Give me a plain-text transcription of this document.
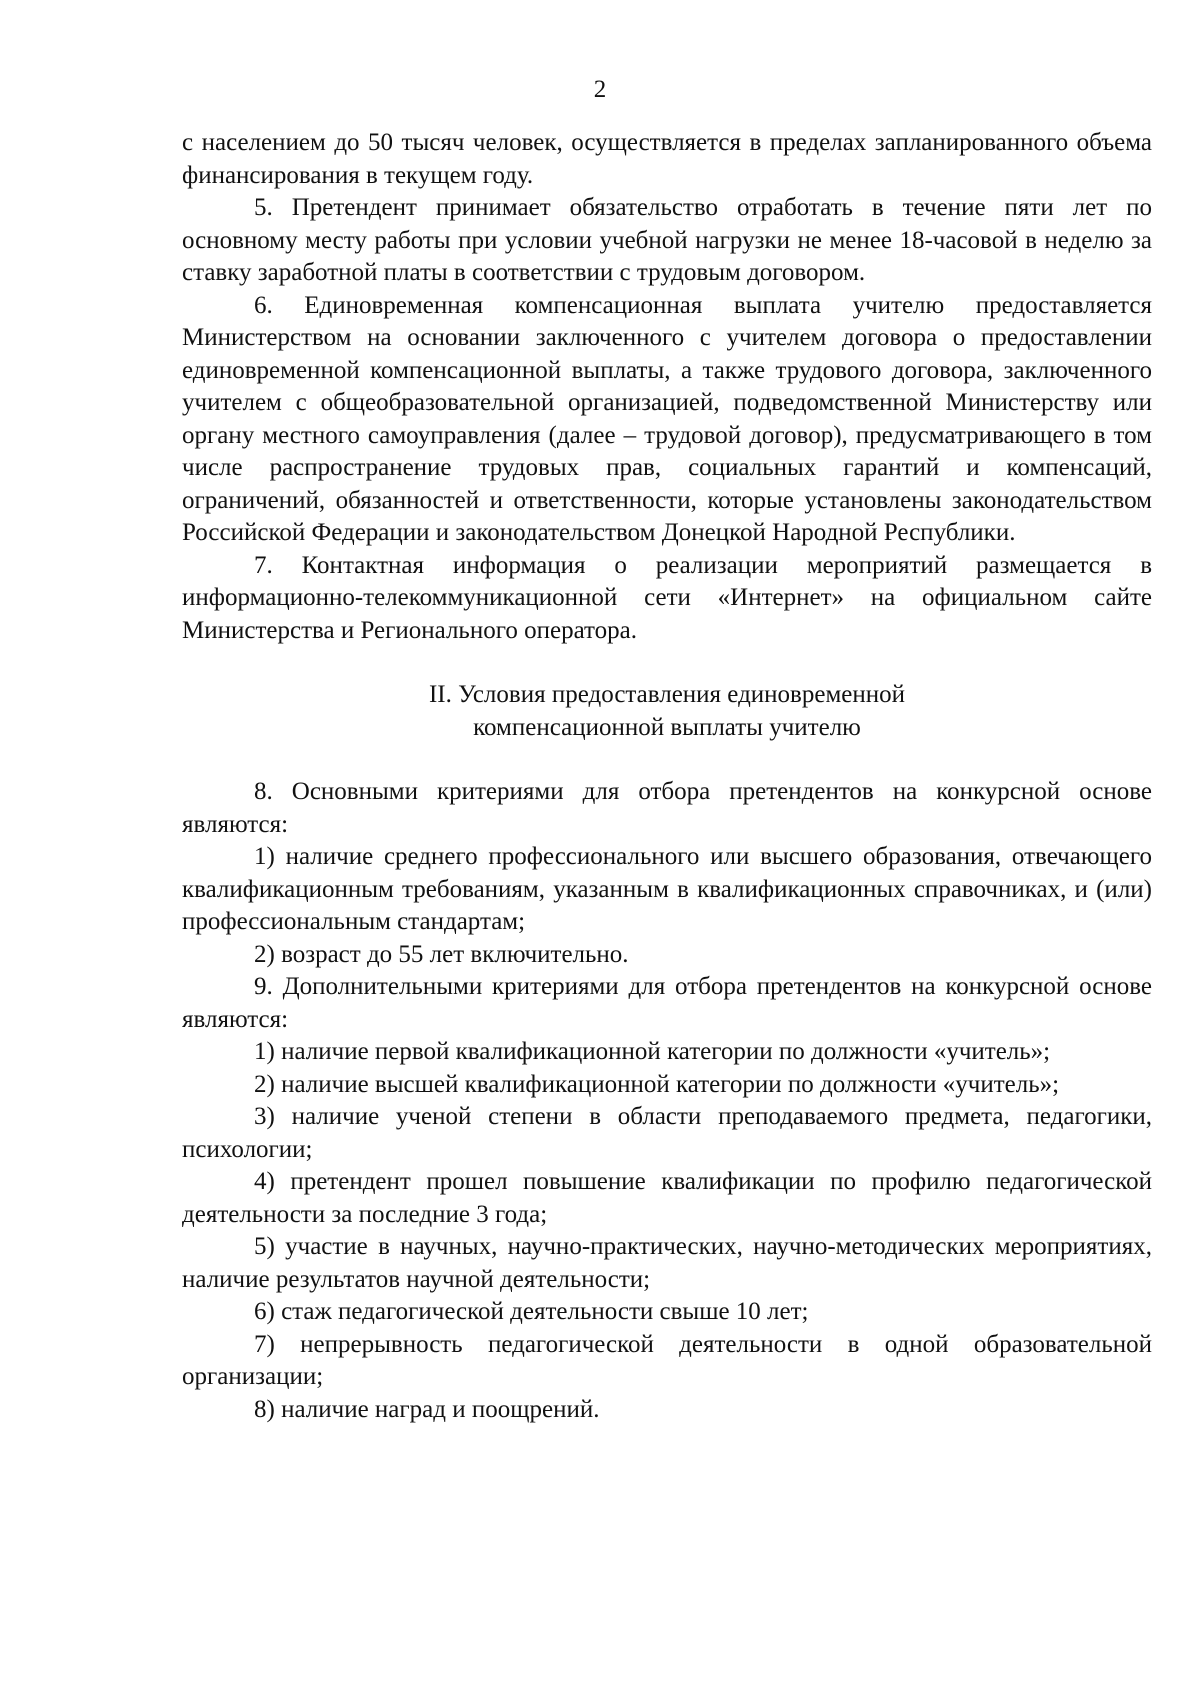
2

с населением до 50 тысяч человек, осуществляется в пределах запланированного объема финансирования в текущем году.

5. Претендент принимает обязательство отработать в течение пяти лет по основному месту работы при условии учебной нагрузки не менее 18-часовой в неделю за ставку заработной платы в соответствии с трудовым договором.

6. Единовременная компенсационная выплата учителю предоставляется Министерством на основании заключенного с учителем договора о предоставлении единовременной компенсационной выплаты, а также трудового договора, заключенного учителем с общеобразовательной организацией, подведомственной Министерству или органу местного самоуправления (далее – трудовой договор), предусматривающего в том числе распространение трудовых прав, социальных гарантий и компенсаций, ограничений, обязанностей и ответственности, которые установлены законодательством Российской Федерации и законодательством Донецкой Народной Республики.

7. Контактная информация о реализации мероприятий размещается в информационно-телекоммуникационной сети «Интернет» на официальном сайте Министерства и Регионального оператора.

II. Условия предоставления единовременной

компенсационной выплаты учителю

8. Основными критериями для отбора претендентов на конкурсной основе являются:

1) наличие среднего профессионального или высшего образования, отвечающего квалификационным требованиям, указанным в квалификационных справочниках, и (или) профессиональным стандартам;

2) возраст до 55 лет включительно.

9. Дополнительными критериями для отбора претендентов на конкурсной основе являются:

1) наличие первой квалификационной категории по должности «учитель»;

2) наличие высшей квалификационной категории по должности «учитель»;

3) наличие ученой степени в области преподаваемого предмета, педагогики, психологии;

4) претендент прошел повышение квалификации по профилю педагогической деятельности за последние 3 года;

5) участие в научных, научно-практических, научно-методических мероприятиях, наличие результатов научной деятельности;

6) стаж педагогической деятельности свыше 10 лет;

7) непрерывность педагогической деятельности в одной образовательной организации;

8) наличие наград и поощрений.
